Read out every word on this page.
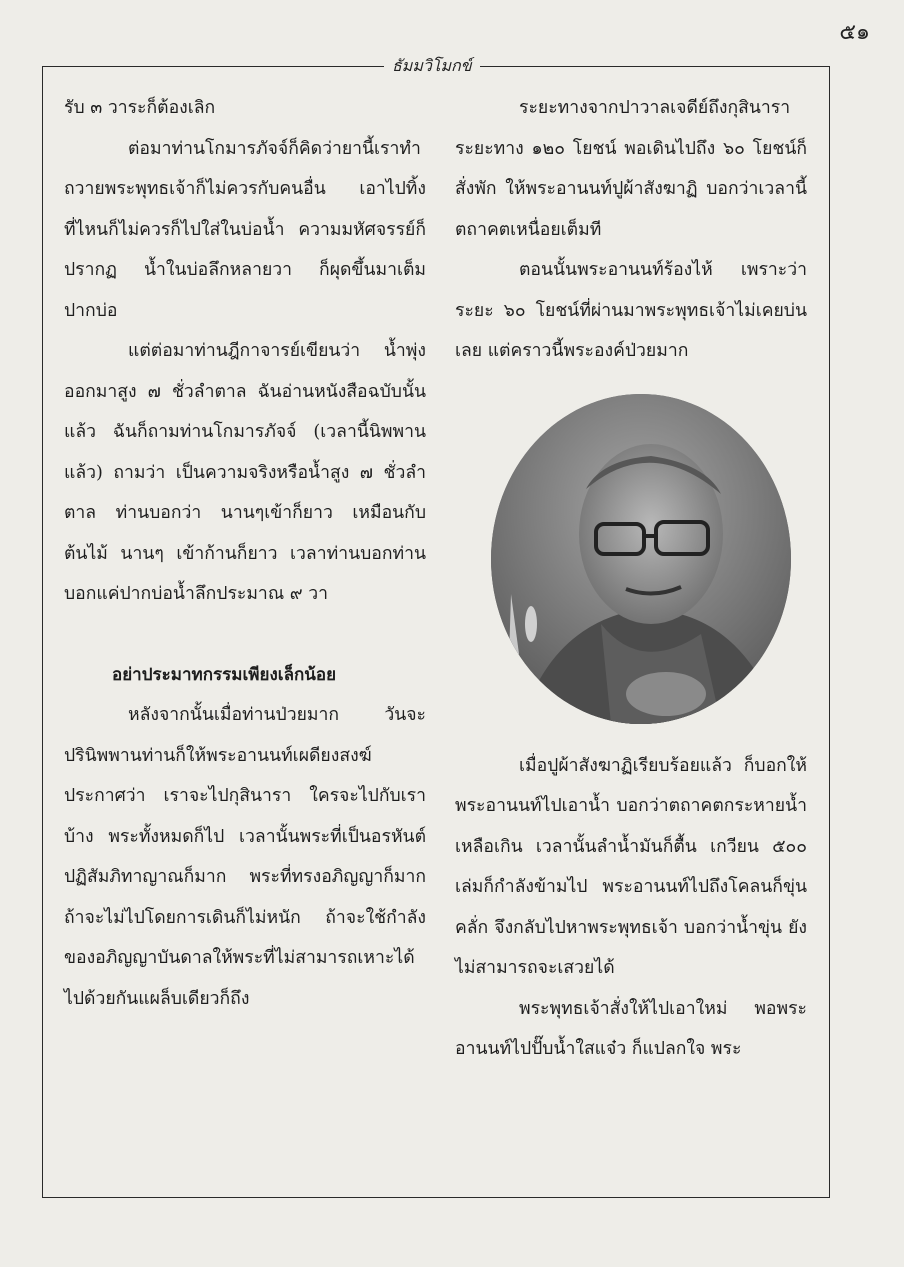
๕๑
ธัมมวิโมกข์

รับ ๓ วาระก็ต้องเลิก

ต่อมาท่านโกมารภัจจ์ก็คิดว่ายานี้เราทำถวายพระพุทธเจ้าก็ไม่ควรกับคนอื่น เอาไปทิ้งที่ไหนก็ไม่ควรก็ไปใส่ในบ่อน้ำ ความมหัศจรรย์ก็ปรากฏ น้ำในบ่อลึกหลายวา ก็ผุดขึ้นมาเต็มปากบ่อ

แต่ต่อมาท่านฎีกาจารย์เขียนว่า น้ำพุ่งออกมาสูง ๗ ชั่วลำตาล ฉันอ่านหนังสือฉบับนั้นแล้ว ฉันก็ถามท่านโกมารภัจจ์ (เวลานี้นิพพานแล้ว) ถามว่า เป็นความจริงหรือน้ำสูง ๗ ชั่วลำตาล ท่านบอกว่า นานๆเข้าก็ยาว เหมือนกับต้นไม้ นานๆ เข้าก้านก็ยาว เวลาท่านบอกท่านบอกแค่ปากบ่อน้ำลึกประมาณ ๙ วา

อย่าประมาทกรรมเพียงเล็กน้อย

หลังจากนั้นเมื่อท่านป่วยมาก วันจะปรินิพพานท่านก็ให้พระอานนท์เผดียงสงฆ์ประกาศว่า เราจะไปกุสินารา ใครจะไปกับเราบ้าง พระทั้งหมดก็ไป เวลานั้นพระที่เป็นอรหันต์ปฏิสัมภิทาญาณก็มาก พระที่ทรงอภิญญาก็มาก ถ้าจะไม่ไปโดยการเดินก็ไม่หนัก ถ้าจะใช้กำลังของอภิญญาบันดาลให้พระที่ไม่สามารถเหาะได้ไปด้วยกันแผล็บเดียวก็ถึง

ระยะทางจากปาวาลเจดีย์ถึงกุสินารา ระยะทาง ๑๒๐ โยชน์ พอเดินไปถึง ๖๐ โยชน์ก็สั่งพัก ให้พระอานนท์ปูผ้าสังฆาฏิ บอกว่าเวลานี้ตถาคตเหนื่อยเต็มที

ตอนนั้นพระอานนท์ร้องไห้ เพราะว่าระยะ ๖๐ โยชน์ที่ผ่านมาพระพุทธเจ้าไม่เคยบ่นเลย แต่คราวนี้พระองค์ป่วยมาก

เมื่อปูผ้าสังฆาฏิเรียบร้อยแล้ว ก็บอกให้พระอานนท์ไปเอาน้ำ บอกว่าตถาคตกระหายน้ำเหลือเกิน เวลานั้นลำน้ำมันก็ตื้น เกวียน ๕๐๐ เล่มก็กำลังข้ามไป พระอานนท์ไปถึงโคลนก็ขุ่นคลั่ก จึงกลับไปหาพระพุทธเจ้า บอกว่าน้ำขุ่น ยังไม่สามารถจะเสวยได้

พระพุทธเจ้าสั่งให้ไปเอาใหม่ พอพระอานนท์ไปปั๊บน้ำใสแจ๋ว ก็แปลกใจ พระ
